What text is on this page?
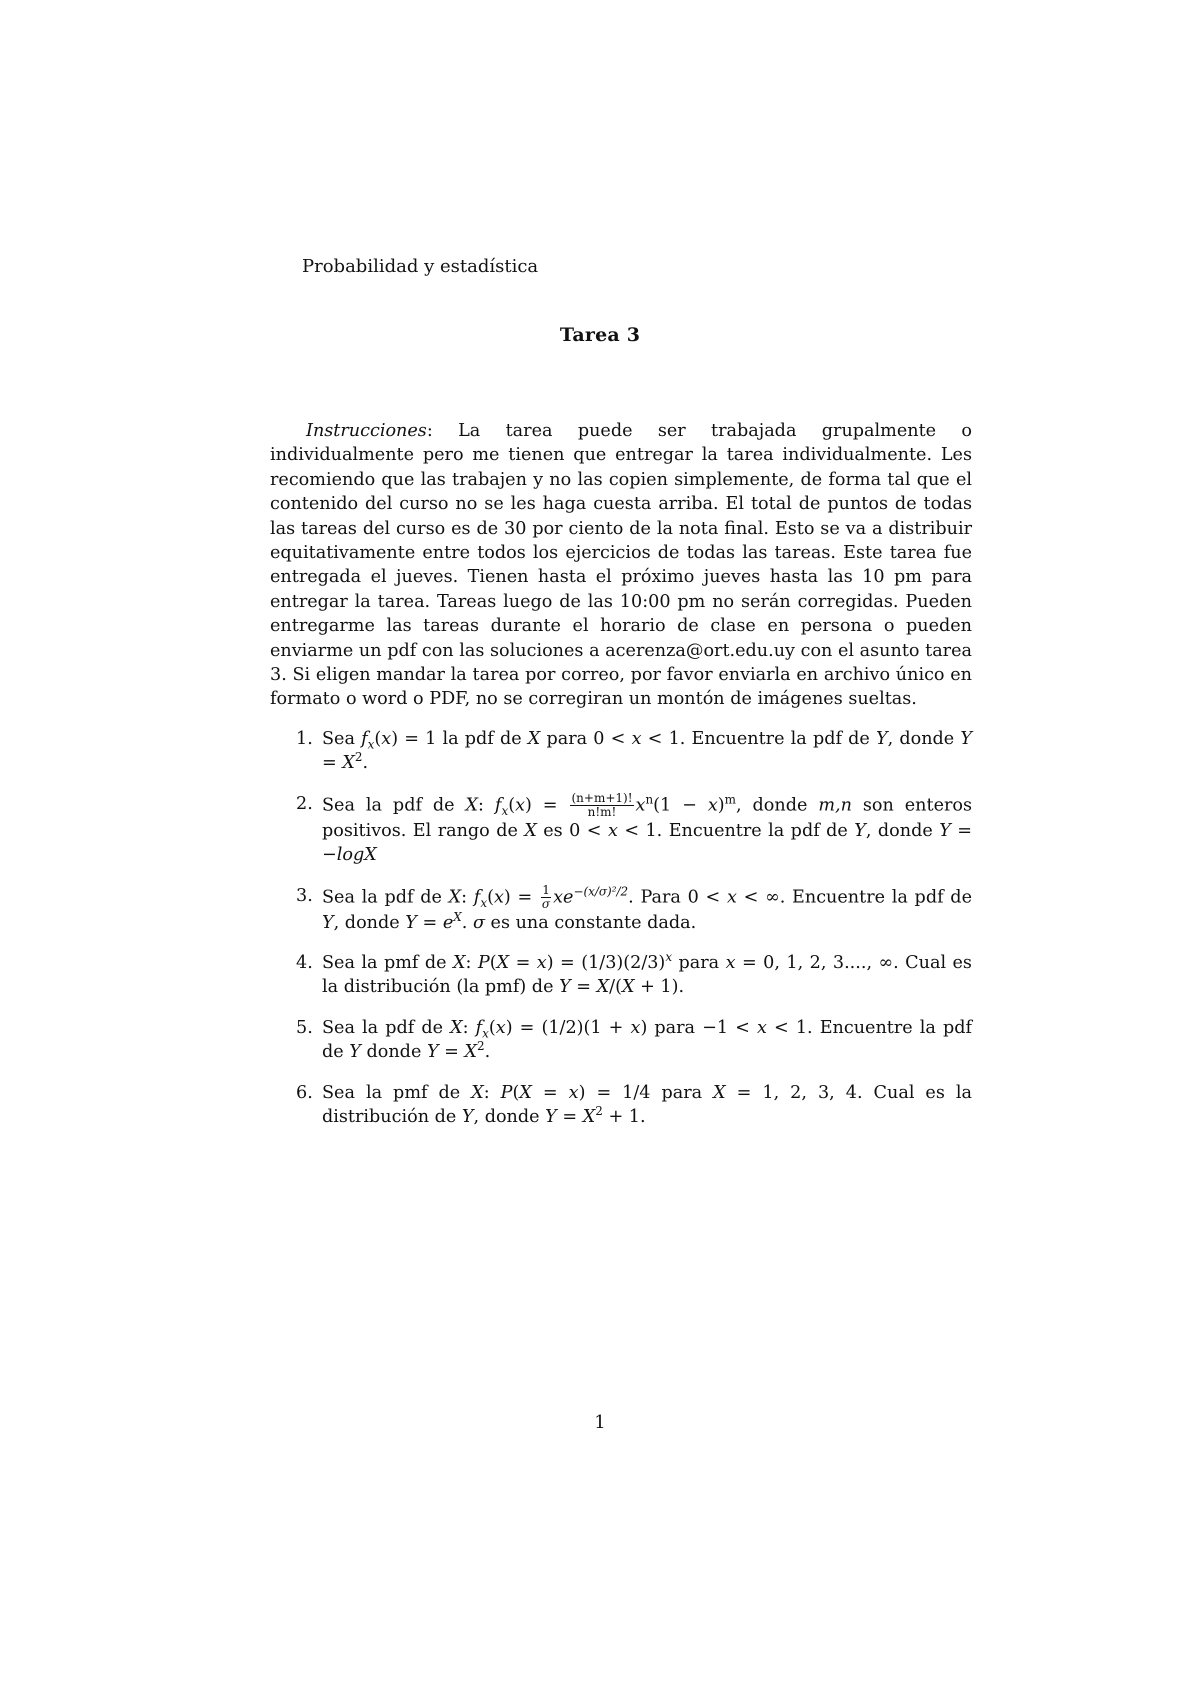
Probabilidad y estadística
Tarea 3

Instrucciones: La tarea puede ser trabajada grupalmente o individualmente pero me tienen que entregar la tarea individualmente. Les recomiendo que las trabajen y no las copien simplemente, de forma tal que el contenido del curso no se les haga cuesta arriba. El total de puntos de todas las tareas del curso es de 30 por ciento de la nota final. Esto se va a distribuir equitativamente entre todos los ejercicios de todas las tareas. Este tarea fue entregada el jueves. Tienen hasta el próximo jueves hasta las 10 pm para entregar la tarea. Tareas luego de las 10:00 pm no serán corregidas. Pueden entregarme las tareas durante el horario de clase en persona o pueden enviarme un pdf con las soluciones a acerenza@ort.edu.uy con el asunto tarea 3. Si eligen mandar la tarea por correo, por favor enviarla en archivo único en formato o word o PDF, no se corregiran un montón de imágenes sueltas.

1. Sea $f_x(x) = 1$ la pdf de X para 0 < x < 1. Encuentre la pdf de Y, donde $Y = X^2$.
2. Sea la pdf de X: $f_x(x) = \frac{(n+m+1)!}{n!m!} x^n(1 - x)^m$, donde m,n son enteros positivos. El rango de X es 0 < x < 1. Encuentre la pdf de Y, donde Y = −logX
3. Sea la pdf de X: $f_x(x) = \frac{1}{\sigma} xe^{-(x/\sigma)^2/2}$. Para 0 < x < ∞. Encuentre la pdf de Y, donde $Y = e^X$. σ es una constante dada.
4. Sea la pmf de X: $P(X = x) = (1/3)(2/3)^x$ para x = 0, 1, 2, 3...., ∞. Cual es la distribución (la pmf) de Y = X/(X + 1).
5. Sea la pdf de X: $f_x(x) = (1/2)(1 + x)$ para −1 < x < 1. Encuentre la pdf de Y donde $Y = X^2$.
6. Sea la pmf de X: P(X = x) = 1/4 para X = 1, 2, 3, 4. Cual es la distribución de Y, donde $Y = X^2 + 1$.
1
